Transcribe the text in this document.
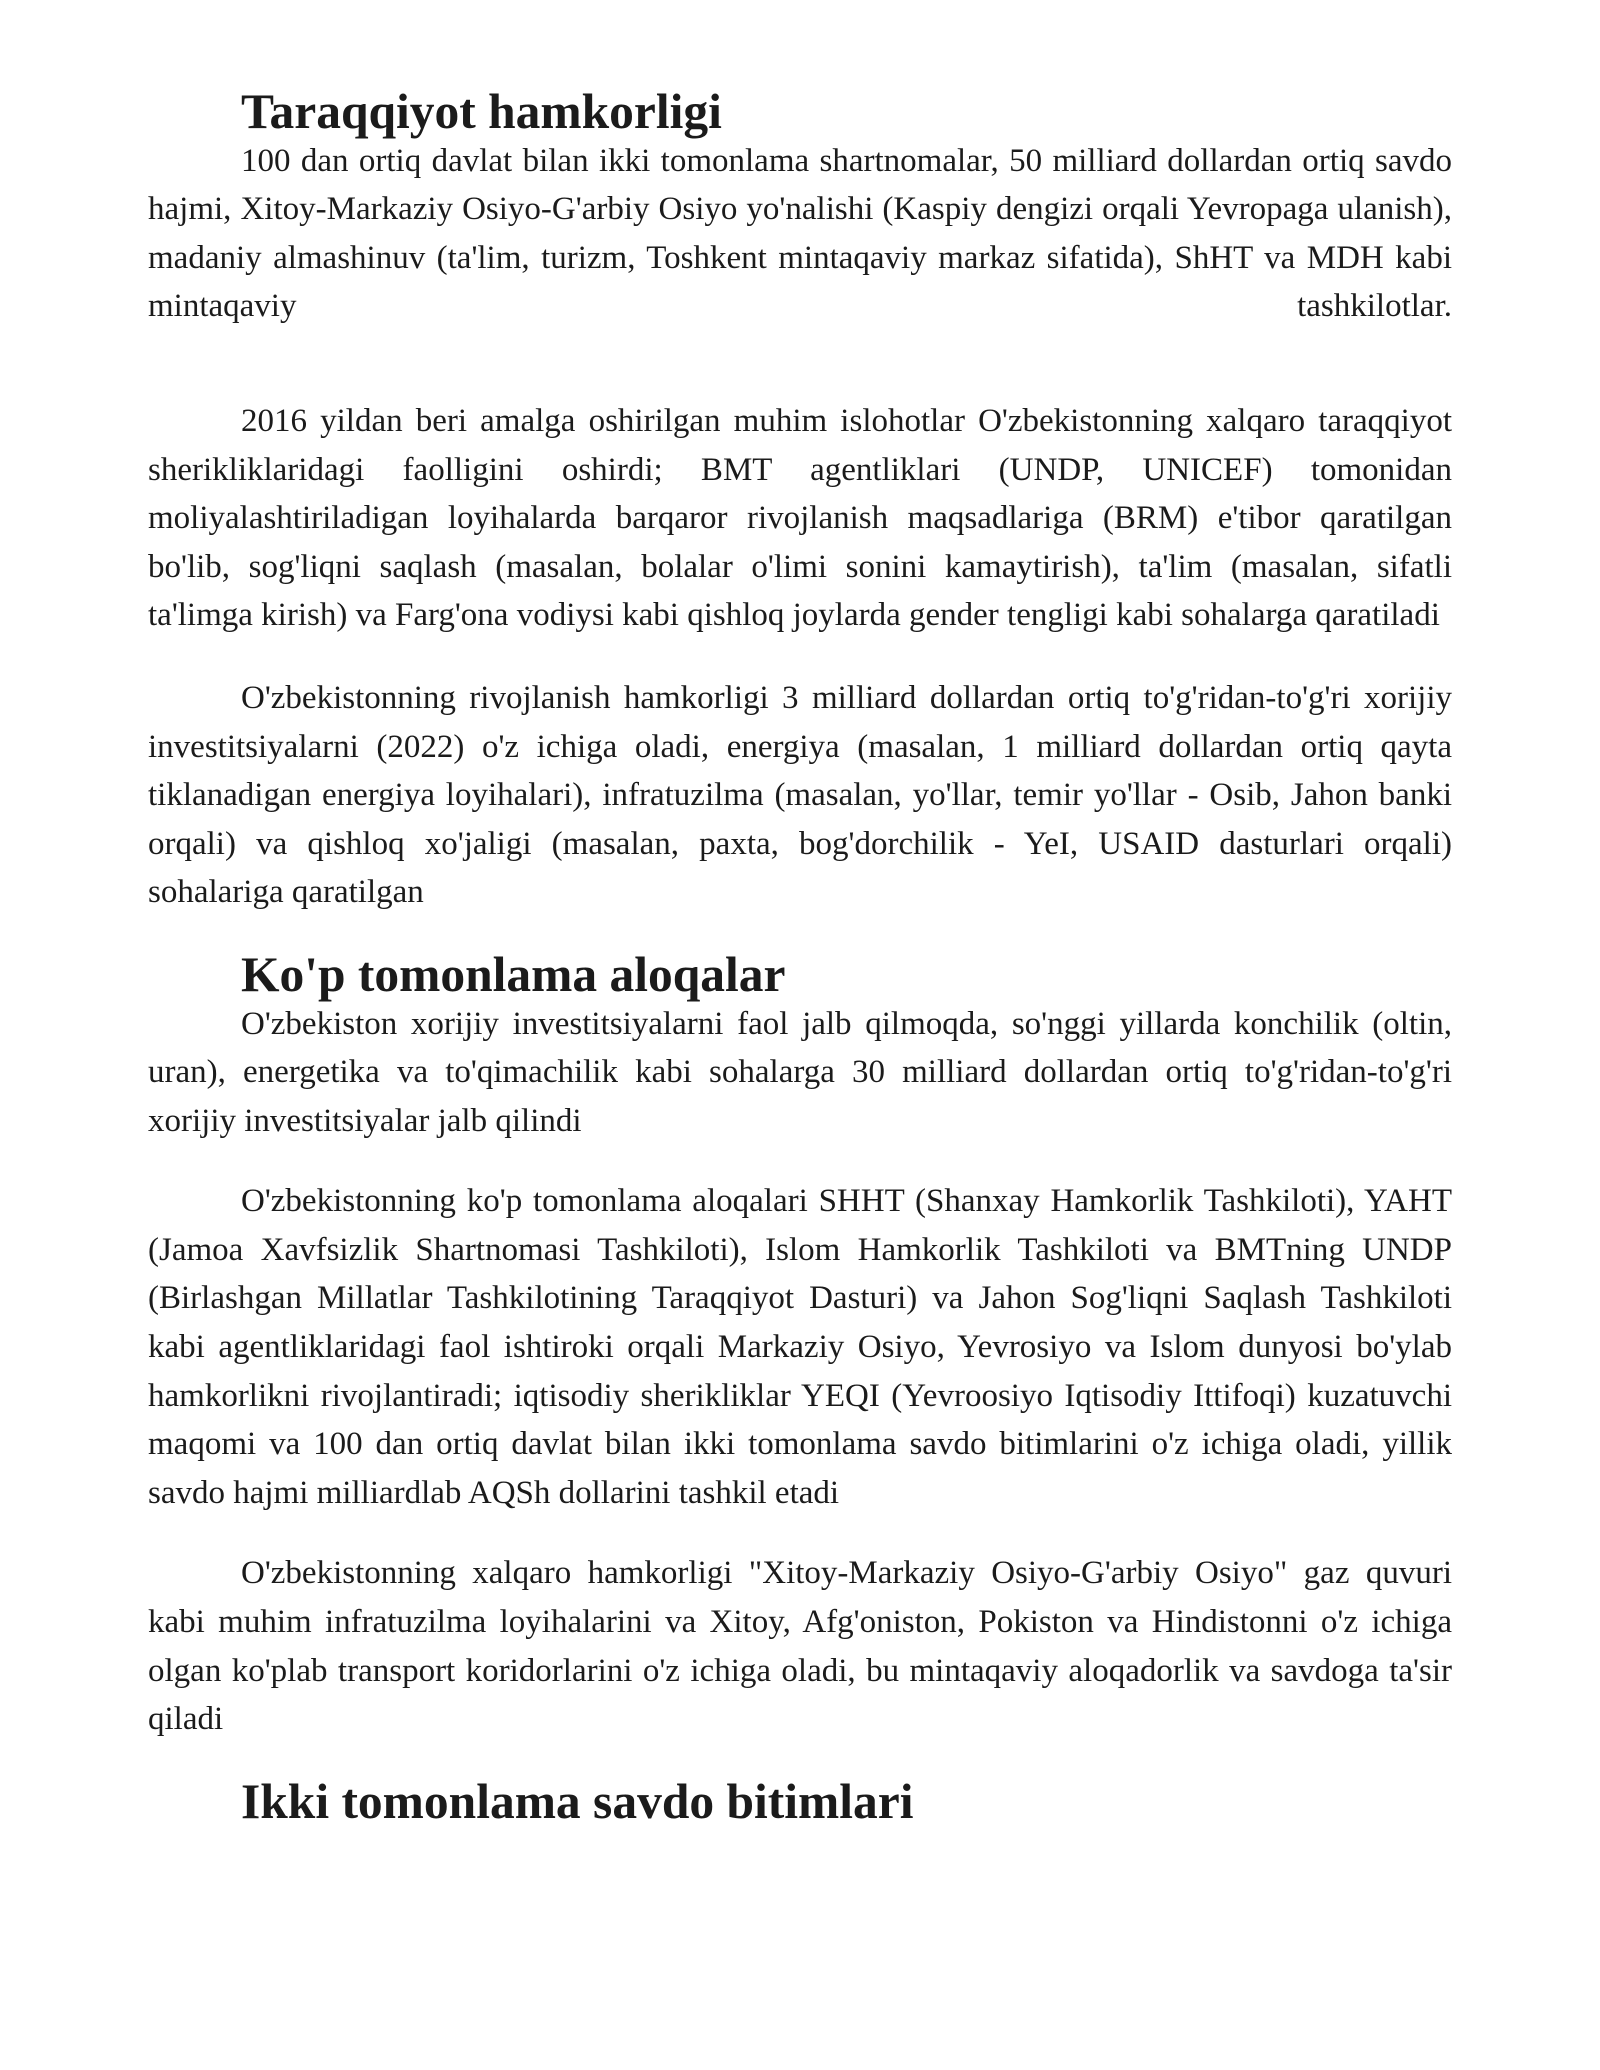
Taraqqiyot hamkorligi

100 dan ortiq davlat bilan ikki tomonlama shartnomalar, 50 milliard dollardan ortiq savdo hajmi, Xitoy-Markaziy Osiyo-G'arbiy Osiyo yo'nalishi (Kaspiy dengizi orqali Yevropaga ulanish), madaniy almashinuv (ta'lim, turizm, Toshkent mintaqaviy markaz sifatida), ShHT va MDH kabi mintaqaviy tashkilotlar.

2016 yildan beri amalga oshirilgan muhim islohotlar O'zbekistonning xalqaro taraqqiyot sherikliklaridagi faolligini oshirdi; BMT agentliklari (UNDP, UNICEF) tomonidan moliyalashtiriladigan loyihalarda barqaror rivojlanish maqsadlariga (BRM) e'tibor qaratilgan bo'lib, sog'liqni saqlash (masalan, bolalar o'limi sonini kamaytirish), ta'lim (masalan, sifatli ta'limga kirish) va Farg'ona vodiysi kabi qishloq joylarda gender tengligi kabi sohalarga qaratiladi

O'zbekistonning rivojlanish hamkorligi 3 milliard dollardan ortiq to'g'ridan-to'g'ri xorijiy investitsiyalarni (2022) o'z ichiga oladi, energiya (masalan, 1 milliard dollardan ortiq qayta tiklanadigan energiya loyihalari), infratuzilma (masalan, yo'llar, temir yo'llar - Osib, Jahon banki orqali) va qishloq xo'jaligi (masalan, paxta, bog'dorchilik - YeI, USAID dasturlari orqali) sohalariga qaratilgan

Ko'p tomonlama aloqalar

O'zbekiston xorijiy investitsiyalarni faol jalb qilmoqda, so'nggi yillarda konchilik (oltin, uran), energetika va to'qimachilik kabi sohalarga 30 milliard dollardan ortiq to'g'ridan-to'g'ri xorijiy investitsiyalar jalb qilindi

O'zbekistonning ko'p tomonlama aloqalari SHHT (Shanxay Hamkorlik Tashkiloti), YAHT (Jamoa Xavfsizlik Shartnomasi Tashkiloti), Islom Hamkorlik Tashkiloti va BMTning UNDP (Birlashgan Millatlar Tashkilotining Taraqqiyot Dasturi) va Jahon Sog'liqni Saqlash Tashkiloti kabi agentliklaridagi faol ishtiroki orqali Markaziy Osiyo, Yevrosiyo va Islom dunyosi bo'ylab hamkorlikni rivojlantiradi; iqtisodiy sherikliklar YEQI (Yevroosiyo Iqtisodiy Ittifoqi) kuzatuvchi maqomi va 100 dan ortiq davlat bilan ikki tomonlama savdo bitimlarini o'z ichiga oladi, yillik savdo hajmi milliardlab AQSh dollarini tashkil etadi

O'zbekistonning xalqaro hamkorligi "Xitoy-Markaziy Osiyo-G'arbiy Osiyo" gaz quvuri kabi muhim infratuzilma loyihalarini va Xitoy, Afg'oniston, Pokiston va Hindistonni o'z ichiga olgan ko'plab transport koridorlarini o'z ichiga oladi, bu mintaqaviy aloqadorlik va savdoga ta'sir qiladi

Ikki tomonlama savdo bitimlari
